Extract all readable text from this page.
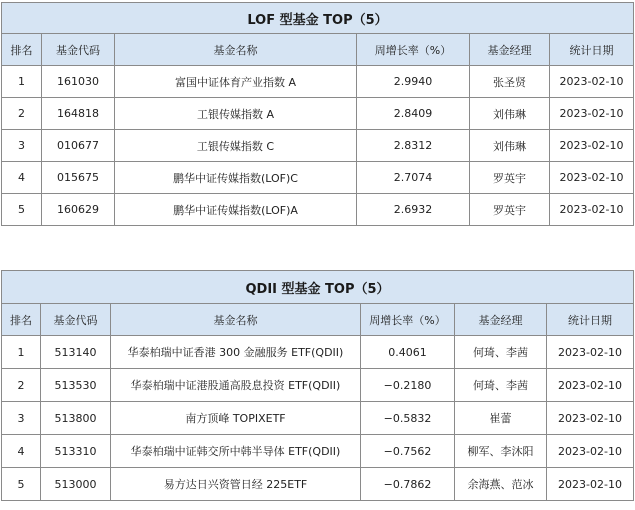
LOF 型基金 TOP（5）					
排名	基金代码	基金名称	周增长率（%）	基金经理	统计日期
1	161030	富国中证体育产业指数 A	2.9940	张圣贤	2023-02-10
2	164818	工银传媒指数 A	2.8409	刘伟琳	2023-02-10
3	010677	工银传媒指数 C	2.8312	刘伟琳	2023-02-10
4	015675	鹏华中证传媒指数(LOF)C	2.7074	罗英宇	2023-02-10
5	160629	鹏华中证传媒指数(LOF)A	2.6932	罗英宇	2023-02-10
QDII 型基金 TOP（5）					
排名	基金代码	基金名称	周增长率（%）	基金经理	统计日期
1	513140	华泰柏瑞中证香港 300 金融服务 ETF(QDII)	0.4061	何琦、李茜	2023-02-10
2	513530	华泰柏瑞中证港股通高股息投资 ETF(QDII)	−0.2180	何琦、李茜	2023-02-10
3	513800	南方顶峰 TOPIXETF	−0.5832	崔蕾	2023-02-10
4	513310	华泰柏瑞中证韩交所中韩半导体 ETF(QDII)	−0.7562	柳军、李沐阳	2023-02-10
5	513000	易方达日兴资管日经 225ETF	−0.7862	余海燕、范冰	2023-02-10
